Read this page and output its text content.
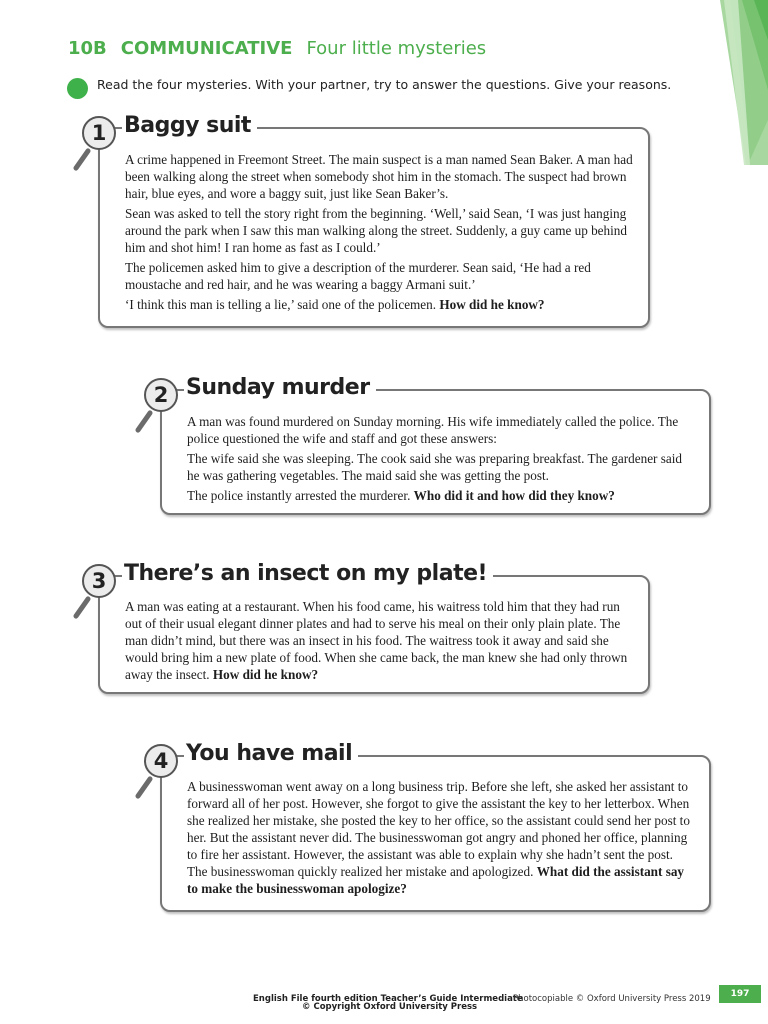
10B COMMUNICATIVE Four little mysteries
Read the four mysteries. With your partner, try to answer the questions. Give your reasons.
Baggy suit
1

A crime happened in Freemont Street. The main suspect is a man named Sean Baker. A man had been walking along the street when somebody shot him in the stomach. The suspect had brown hair, blue eyes, and wore a baggy suit, just like Sean Baker’s.

Sean was asked to tell the story right from the beginning. ‘Well,’ said Sean, ‘I was just hanging around the park when I saw this man walking along the street. Suddenly, a guy came up behind him and shot him! I ran home as fast as I could.’

The policemen asked him to give a description of the murderer. Sean said, ‘He had a red moustache and red hair, and he was wearing a baggy Armani suit.’

‘I think this man is telling a lie,’ said one of the policemen. How did he know?

Sunday murder
2

A man was found murdered on Sunday morning. His wife immediately called the police. The police questioned the wife and staff and got these answers:

The wife said she was sleeping. The cook said she was preparing breakfast. The gardener said he was gathering vegetables. The maid said she was getting the post.

The police instantly arrested the murderer. Who did it and how did they know?

There’s an insect on my plate!
3

A man was eating at a restaurant. When his food came, his waitress told him that they had run out of their usual elegant dinner plates and had to serve his meal on their only plain plate. The man didn’t mind, but there was an insect in his food. The waitress took it away and said she would bring him a new plate of food. When she came back, the man knew she had only thrown away the insect. How did he know?

You have mail
4

A businesswoman went away on a long business trip. Before she left, she asked her assistant to forward all of her post. However, she forgot to give the assistant the key to her letterbox. When she realized her mistake, she posted the key to her office, so the assistant could send her post to her. But the assistant never did. The businesswoman got angry and phoned her office, planning to fire her assistant. However, the assistant was able to explain why she hadn’t sent the post. The businesswoman quickly realized her mistake and apologized. What did the assistant say to make the businesswoman apologize?

English File fourth edition Teacher’s Guide Intermediate
Photocopiable © Oxford University Press 2019
© Copyright Oxford University Press
197
